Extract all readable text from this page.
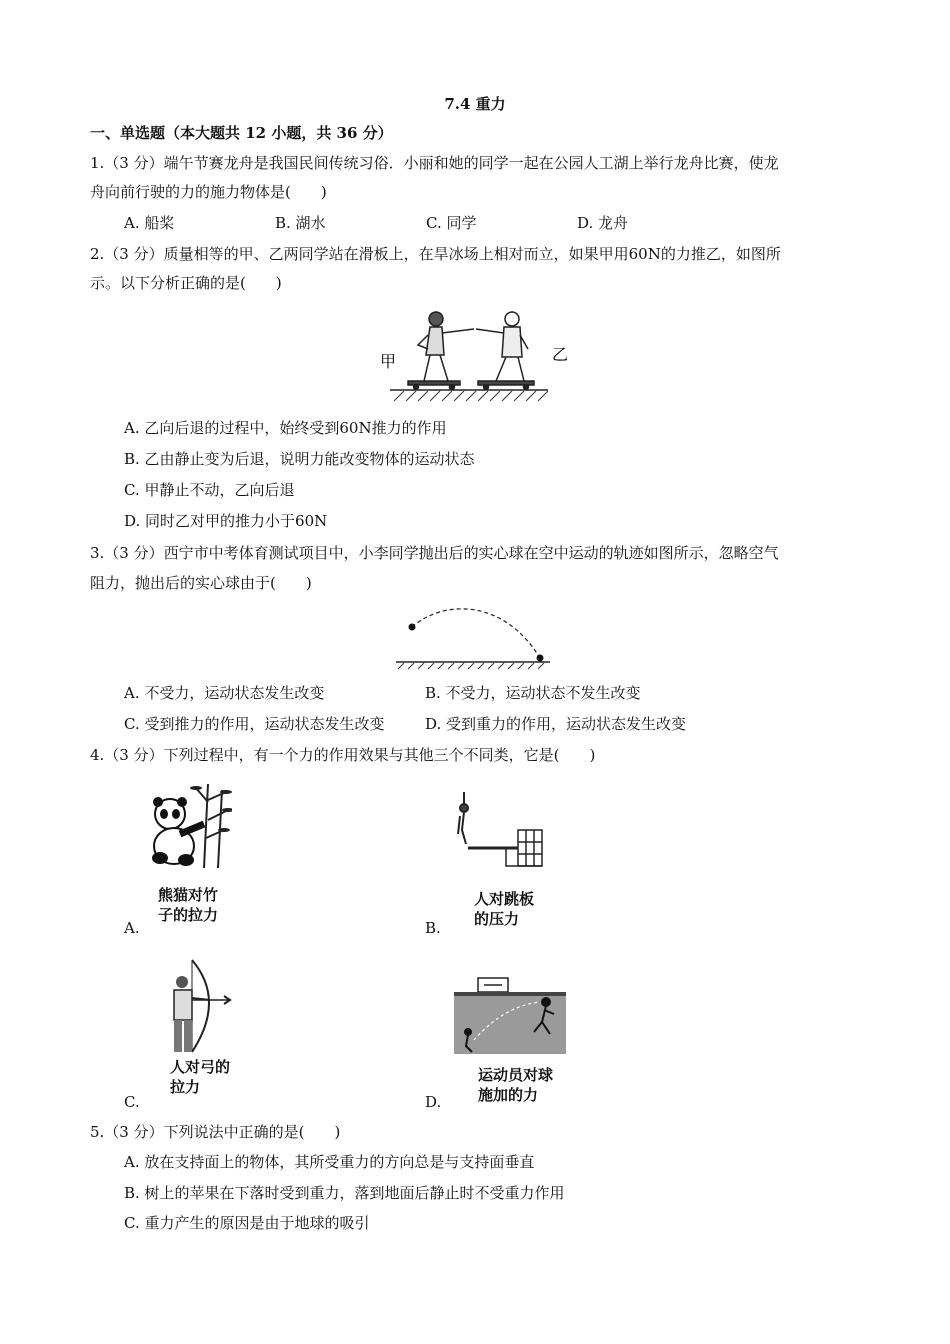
7.4 重力
一、单选题（本大题共 12 小题，共 36 分）
1.（3 分）端午节赛龙舟是我国民间传统习俗．小丽和她的同学一起在公园人工湖上举行龙舟比赛，使龙
舟向前行驶的力的施力物体是(　　)
A. 船桨	B. 湖水	C. 同学	D. 龙舟
2.（3 分）质量相等的甲、乙两同学站在滑板上，在旱冰场上相对而立，如果甲用60N的力推乙，如图所
示。以下分析正确的是(　　)
甲	乙
A. 乙向后退的过程中，始终受到60N推力的作用
B. 乙由静止变为后退，说明力能改变物体的运动状态
C. 甲静止不动，乙向后退
D. 同时乙对甲的推力小于60N
3.（3 分）西宁市中考体育测试项目中，小李同学抛出后的实心球在空中运动的轨迹如图所示，忽略空气
阻力，抛出后的实心球由于(　　)
A. 不受力，运动状态发生改变	B. 不受力，运动状态不发生改变
C. 受到推力的作用，运动状态发生改变	D. 受到重力的作用，运动状态发生改变
4.（3 分）下列过程中，有一个力的作用效果与其他三个不同类，它是(　　)
熊猫对竹
子的拉力
A.
人对跳板
的压力
B.
人对弓的
拉力
C.
运动员对球
施加的力
D.
5.（3 分）下列说法中正确的是(　　)
A. 放在支持面上的物体，其所受重力的方向总是与支持面垂直
B. 树上的苹果在下落时受到重力，落到地面后静止时不受重力作用
C. 重力产生的原因是由于地球的吸引
